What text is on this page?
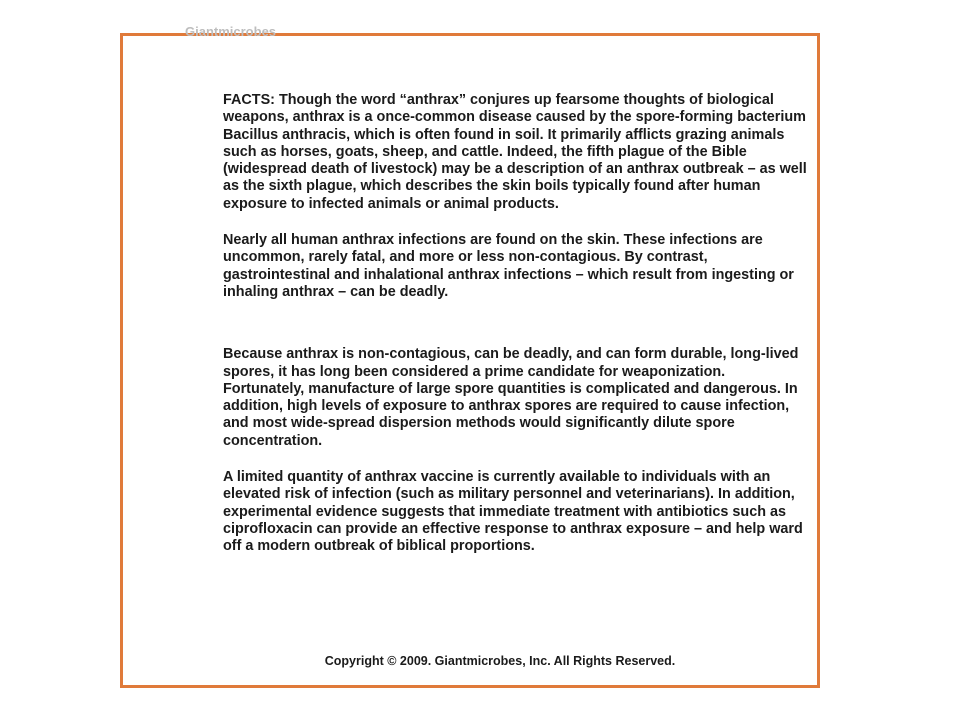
Giantmicrobes

FACTS: Though the word “anthrax” conjures up fearsome thoughts of biological weapons, anthrax is a once-common disease caused by the spore-forming bacterium Bacillus anthracis, which is often found in soil. It primarily afflicts grazing animals such as horses, goats, sheep, and cattle. Indeed, the fifth plague of the Bible (widespread death of livestock) may be a description of an anthrax outbreak – as well as the sixth plague, which describes the skin boils typically found after human exposure to infected animals or animal products.

Nearly all human anthrax infections are found on the skin. These infections are uncommon, rarely fatal, and more or less non-contagious. By contrast, gastrointestinal and inhalational anthrax infections – which result from ingesting or inhaling anthrax – can be deadly.

Because anthrax is non-contagious, can be deadly, and can form durable, long-lived spores, it has long been considered a prime candidate for weaponization. Fortunately, manufacture of large spore quantities is complicated and dangerous. In addition, high levels of exposure to anthrax spores are required to cause infection, and most wide-spread dispersion methods would significantly dilute spore concentration.

A limited quantity of anthrax vaccine is currently available to individuals with an elevated risk of infection (such as military personnel and veterinarians). In addition, experimental evidence suggests that immediate treatment with antibiotics such as ciprofloxacin can provide an effective response to anthrax exposure – and help ward off a modern outbreak of biblical proportions.

Copyright © 2009. Giantmicrobes, Inc. All Rights Reserved.
